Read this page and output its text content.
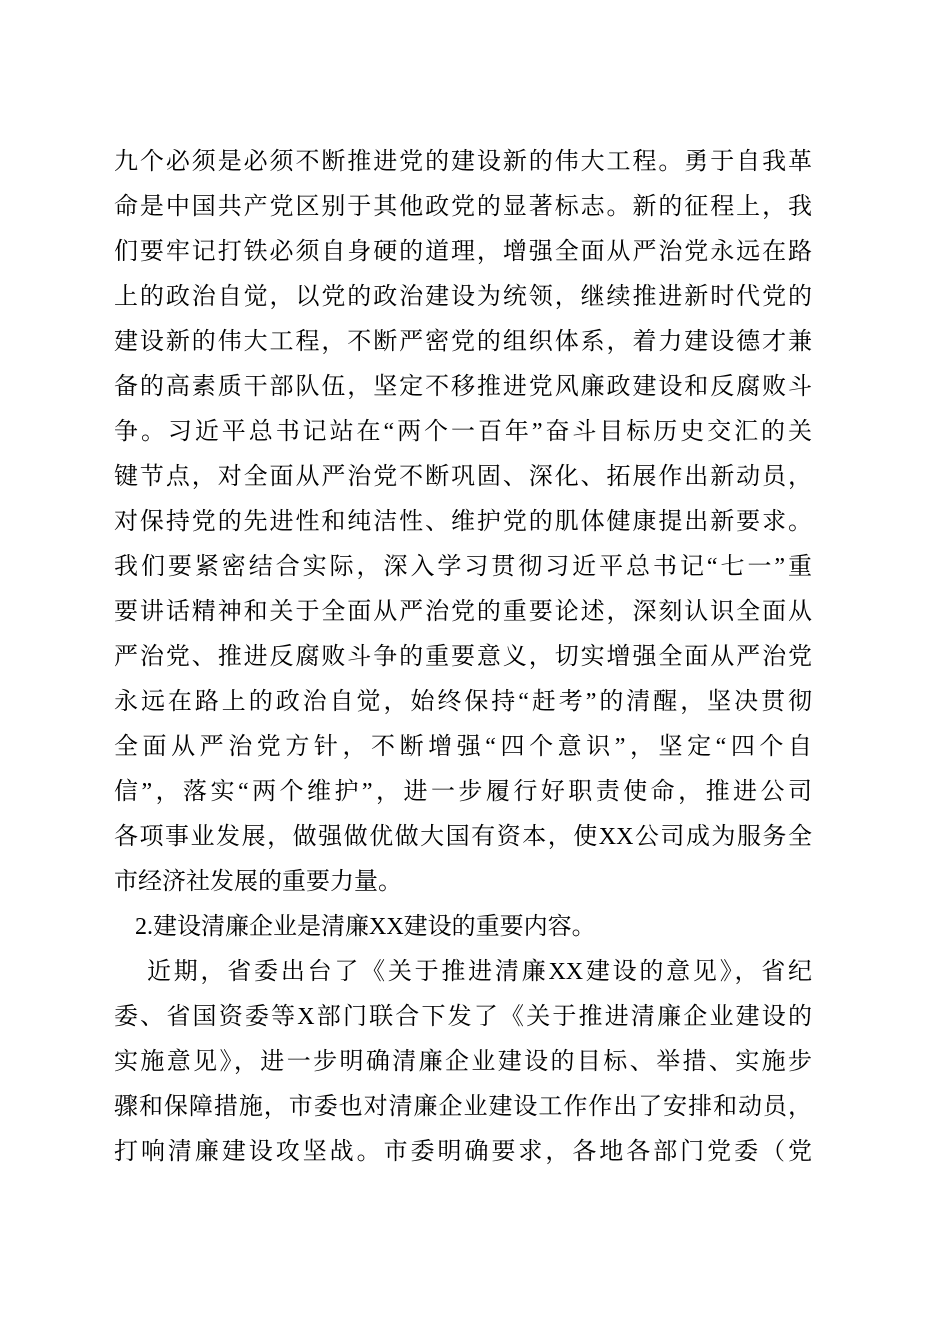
九个必须是必须不断推进党的建设新的伟大工程。勇于自我革
命是中国共产党区别于其他政党的显著标志。新的征程上，我
们要牢记打铁必须自身硬的道理，增强全面从严治党永远在路
上的政治自觉，以党的政治建设为统领，继续推进新时代党的
建设新的伟大工程，不断严密党的组织体系，着力建设德才兼
备的高素质干部队伍，坚定不移推进党风廉政建设和反腐败斗
争。习近平总书记站在“两个一百年”奋斗目标历史交汇的关
键节点，对全面从严治党不断巩固、深化、拓展作出新动员，
对保持党的先进性和纯洁性、维护党的肌体健康提出新要求。
我们要紧密结合实际，深入学习贯彻习近平总书记“七一”重
要讲话精神和关于全面从严治党的重要论述，深刻认识全面从
严治党、推进反腐败斗争的重要意义，切实增强全面从严治党
永远在路上的政治自觉，始终保持“赶考”的清醒，坚决贯彻
全面从严治党方针，不断增强“四个意识”，坚定“四个自
信”，落实“两个维护”，进一步履行好职责使命，推进公司
各项事业发展，做强做优做大国有资本，使XX公司成为服务全
市经济社发展的重要力量。
2.建设清廉企业是清廉XX建设的重要内容。
近期，省委出台了《关于推进清廉XX建设的意见》，省纪
委、省国资委等X部门联合下发了《关于推进清廉企业建设的
实施意见》，进一步明确清廉企业建设的目标、举措、实施步
骤和保障措施，市委也对清廉企业建设工作作出了安排和动员，
打响清廉建设攻坚战。市委明确要求，各地各部门党委（党
